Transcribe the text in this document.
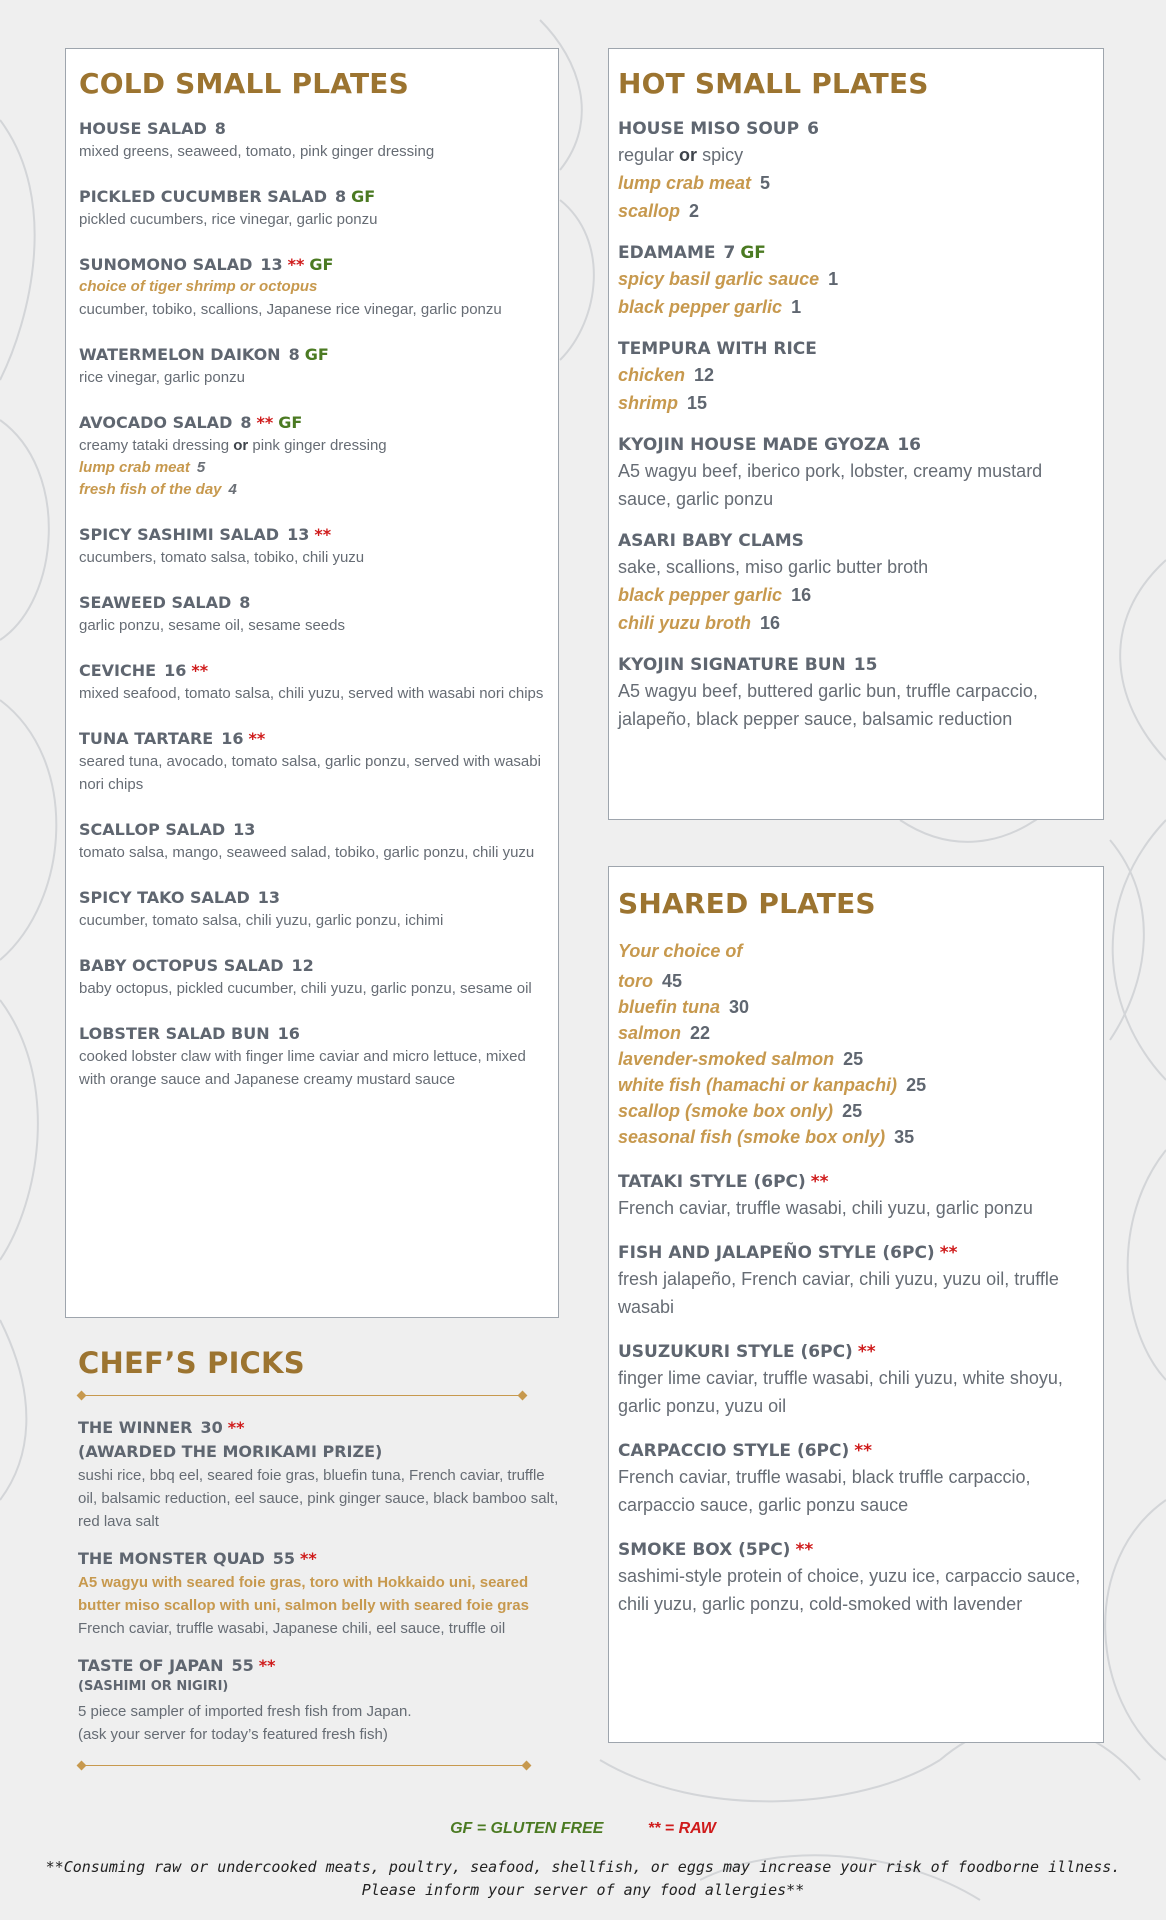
COLD SMALL PLATES
HOUSE SALAD 8
mixed greens, seaweed, tomato, pink ginger dressing
PICKLED CUCUMBER SALAD 8 GF
pickled cucumbers, rice vinegar, garlic ponzu
SUNOMONO SALAD 13 ** GF
choice of tiger shrimp or octopus
cucumber, tobiko, scallions, Japanese rice vinegar, garlic ponzu
WATERMELON DAIKON 8 GF
rice vinegar, garlic ponzu
AVOCADO SALAD 8 ** GF
creamy tataki dressing or pink ginger dressing
lump crab meat 5
fresh fish of the day 4
SPICY SASHIMI SALAD 13 **
cucumbers, tomato salsa, tobiko, chili yuzu
SEAWEED SALAD 8
garlic ponzu, sesame oil, sesame seeds
CEVICHE 16 **
mixed seafood, tomato salsa, chili yuzu, served with wasabi nori chips
TUNA TARTARE 16 **
seared tuna, avocado, tomato salsa, garlic ponzu, served with wasabi nori chips
SCALLOP SALAD 13
tomato salsa, mango, seaweed salad, tobiko, garlic ponzu, chili yuzu
SPICY TAKO SALAD 13
cucumber, tomato salsa, chili yuzu, garlic ponzu, ichimi
BABY OCTOPUS SALAD 12
baby octopus, pickled cucumber, chili yuzu, garlic ponzu, sesame oil
LOBSTER SALAD BUN 16
cooked lobster claw with finger lime caviar and micro lettuce, mixed with orange sauce and Japanese creamy mustard sauce
HOT SMALL PLATES
HOUSE MISO SOUP 6
regular or spicy
lump crab meat 5
scallop 2
EDAMAME 7 GF
spicy basil garlic sauce 1
black pepper garlic 1
TEMPURA WITH RICE
chicken 12
shrimp 15
KYOJIN HOUSE MADE GYOZA 16
A5 wagyu beef, iberico pork, lobster, creamy mustard sauce, garlic ponzu
ASARI BABY CLAMS
sake, scallions, miso garlic butter broth
black pepper garlic 16
chili yuzu broth 16
KYOJIN SIGNATURE BUN 15
A5 wagyu beef, buttered garlic bun, truffle carpaccio, jalapeño, black pepper sauce, balsamic reduction
SHARED PLATES
Your choice of
toro 45
bluefin tuna 30
salmon 22
lavender-smoked salmon 25
white fish (hamachi or kanpachi) 25
scallop (smoke box only) 25
seasonal fish (smoke box only) 35
TATAKI STYLE (6PC) **
French caviar, truffle wasabi, chili yuzu, garlic ponzu
FISH AND JALAPEÑO STYLE (6PC) **
fresh jalapeño, French caviar, chili yuzu, yuzu oil, truffle wasabi
USUZUKURI STYLE (6PC) **
finger lime caviar, truffle wasabi, chili yuzu, white shoyu, garlic ponzu, yuzu oil
CARPACCIO STYLE (6PC) **
French caviar, truffle wasabi, black truffle carpaccio, carpaccio sauce, garlic ponzu sauce
SMOKE BOX (5PC) **
sashimi-style protein of choice, yuzu ice, carpaccio sauce, chili yuzu, garlic ponzu, cold-smoked with lavender
CHEF’S PICKS
THE WINNER 30 **
(AWARDED THE MORIKAMI PRIZE)
sushi rice, bbq eel, seared foie gras, bluefin tuna, French caviar, truffle oil, balsamic reduction, eel sauce, pink ginger sauce, black bamboo salt, red lava salt
THE MONSTER QUAD 55 **
A5 wagyu with seared foie gras, toro with Hokkaido uni, seared butter miso scallop with uni, salmon belly with seared foie gras
French caviar, truffle wasabi, Japanese chili, eel sauce, truffle oil
TASTE OF JAPAN 55 **
(SASHIMI OR NIGIRI)
5 piece sampler of imported fresh fish from Japan.
(ask your server for today’s featured fresh fish)
GF = GLUTEN FREE	** = RAW
**Consuming raw or undercooked meats, poultry, seafood, shellfish, or eggs may increase your risk of foodborne illness.
Please inform your server of any food allergies**
